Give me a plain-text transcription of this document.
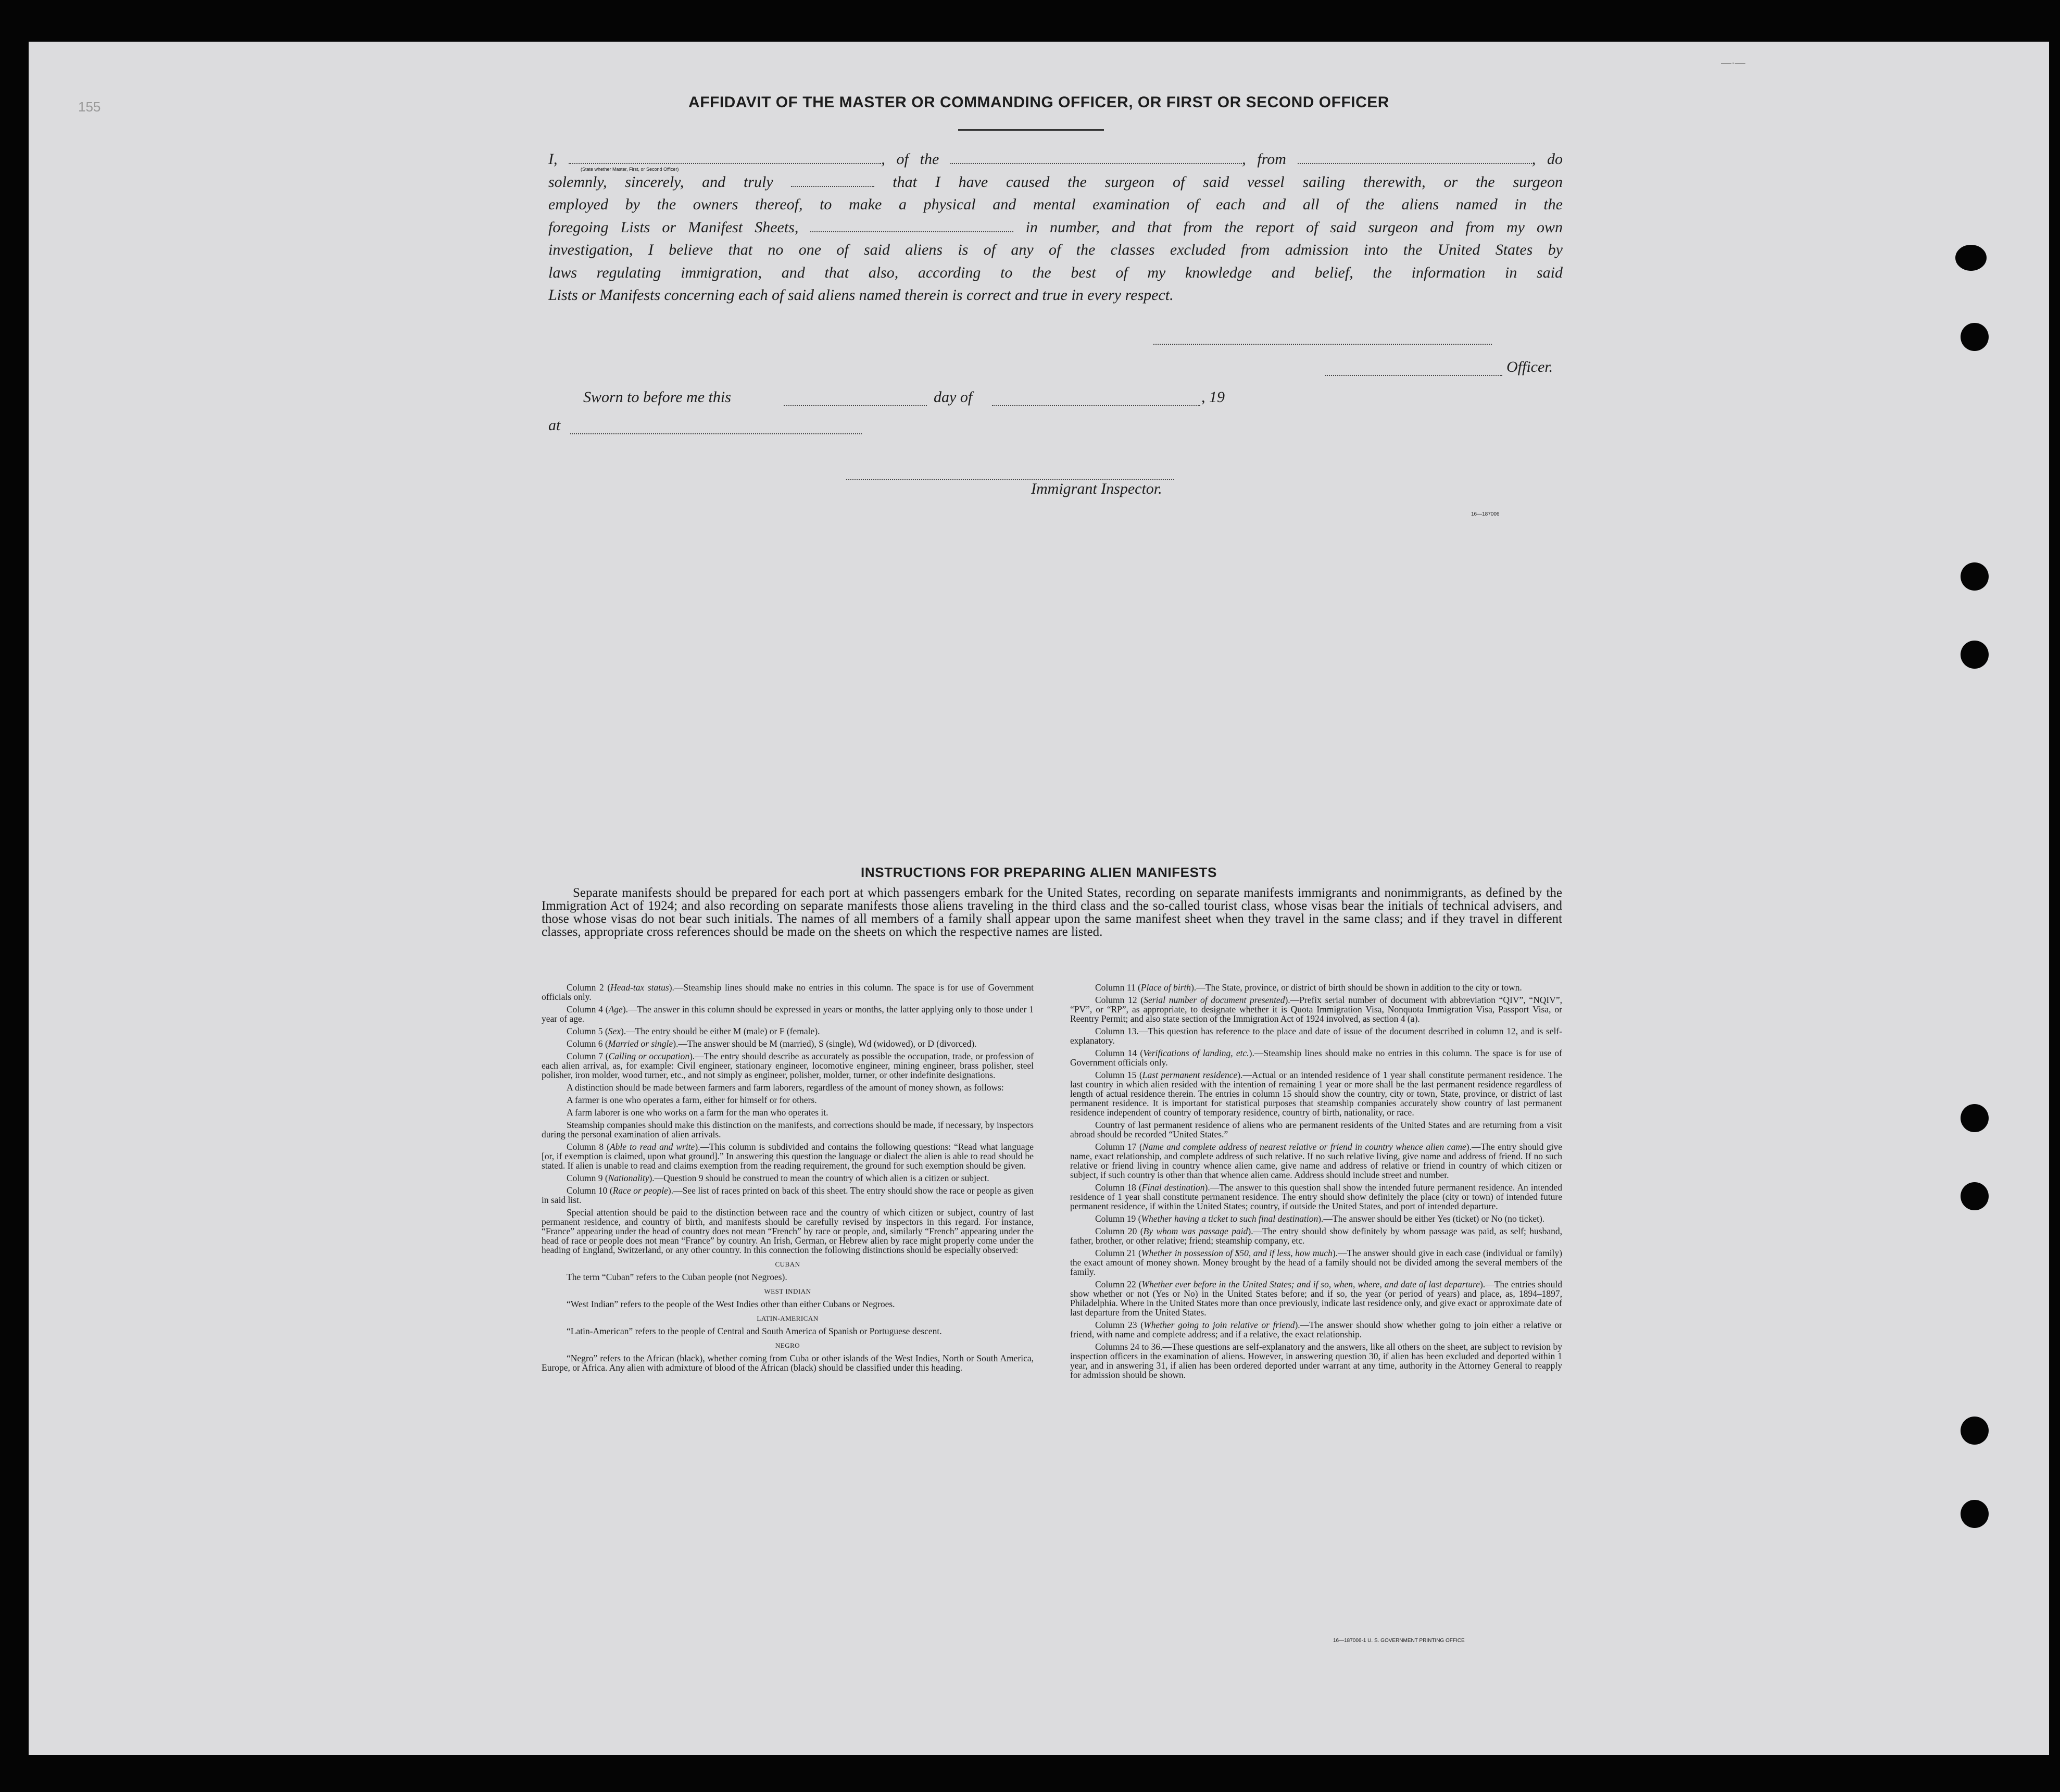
155
—·—
AFFIDAVIT OF THE MASTER OR COMMANDING OFFICER, OR FIRST OR SECOND OFFICER
I,	, of the	, from	, do
solemnly, sincerely, and truly	that I have caused the surgeon of said vessel sailing therewith, or the surgeon
employed by the owners thereof, to make a physical and mental examination of each and all of the aliens named in the
foregoing Lists or Manifest Sheets,	in number, and that from the report of said surgeon and from my own
investigation, I believe that no one of said aliens is of any of the classes excluded from admission into the United States by
laws regulating immigration, and that also, according to the best of my knowledge and belief, the information in said
Lists or Manifests concerning each of said aliens named therein is correct and true in every respect.
(State whether Master, First, or Second Officer)
Officer.
Sworn to before me this	day of	, 19
at
Immigrant Inspector.
16—187006
INSTRUCTIONS FOR PREPARING ALIEN MANIFESTS
Separate manifests should be prepared for each port at which passengers embark for the United States, recording on separate manifests immigrants and nonimmigrants, as defined by the Immigration Act of 1924; and also recording on separate manifests those aliens traveling in the third class and the so-called tourist class, whose visas bear the initials of technical advisers, and those whose visas do not bear such initials. The names of all members of a family shall appear upon the same manifest sheet when they travel in the same class; and if they travel in different classes, appropriate cross references should be made on the sheets on which the respective names are listed.

Column 2 (Head-tax status).—Steamship lines should make no entries in this column. The space is for use of Government officials only.

Column 4 (Age).—The answer in this column should be expressed in years or months, the latter applying only to those under 1 year of age.

Column 5 (Sex).—The entry should be either M (male) or F (female).

Column 6 (Married or single).—The answer should be M (married), S (single), Wd (widowed), or D (divorced).

Column 7 (Calling or occupation).—The entry should describe as accurately as possible the occupation, trade, or profession of each alien arrival, as, for example: Civil engineer, stationary engineer, locomotive engineer, mining engineer, brass polisher, steel polisher, iron molder, wood turner, etc., and not simply as engineer, polisher, molder, turner, or other indefinite designations.

A distinction should be made between farmers and farm laborers, regardless of the amount of money shown, as follows:

A farmer is one who operates a farm, either for himself or for others.

A farm laborer is one who works on a farm for the man who operates it.

Steamship companies should make this distinction on the manifests, and corrections should be made, if necessary, by inspectors during the personal examination of alien arrivals.

Column 8 (Able to read and write).—This column is subdivided and contains the following questions: “Read what language [or, if exemption is claimed, upon what ground].” In answering this question the language or dialect the alien is able to read should be stated. If alien is unable to read and claims exemption from the reading requirement, the ground for such exemption should be given.

Column 9 (Nationality).—Question 9 should be construed to mean the country of which alien is a citizen or subject.

Column 10 (Race or people).—See list of races printed on back of this sheet. The entry should show the race or people as given in said list.

Special attention should be paid to the distinction between race and the country of which citizen or subject, country of last permanent residence, and country of birth, and manifests should be carefully revised by inspectors in this regard. For instance, “France” appearing under the head of country does not mean “French” by race or people, and, similarly “French” appearing under the head of race or people does not mean “France” by country. An Irish, German, or Hebrew alien by race might properly come under the heading of England, Switzerland, or any other country. In this connection the following distinctions should be especially observed:

CUBAN

The term “Cuban” refers to the Cuban people (not Negroes).

WEST INDIAN

“West Indian” refers to the people of the West Indies other than either Cubans or Negroes.

LATIN-AMERICAN

“Latin-American” refers to the people of Central and South America of Spanish or Portuguese descent.

NEGRO

“Negro” refers to the African (black), whether coming from Cuba or other islands of the West Indies, North or South America, Europe, or Africa. Any alien with admixture of blood of the African (black) should be classified under this heading.

Column 11 (Place of birth).—The State, province, or district of birth should be shown in addition to the city or town.

Column 12 (Serial number of document presented).—Prefix serial number of document with abbreviation “QIV”, “NQIV”, “PV”, or “RP”, as appropriate, to designate whether it is Quota Immigration Visa, Nonquota Immigration Visa, Passport Visa, or Reentry Permit; and also state section of the Immigration Act of 1924 involved, as section 4 (a).

Column 13.—This question has reference to the place and date of issue of the document described in column 12, and is self-explanatory.

Column 14 (Verifications of landing, etc.).—Steamship lines should make no entries in this column. The space is for use of Government officials only.

Column 15 (Last permanent residence).—Actual or an intended residence of 1 year shall constitute permanent residence. The last country in which alien resided with the intention of remaining 1 year or more shall be the last permanent residence regardless of length of actual residence therein. The entries in column 15 should show the country, city or town, State, province, or district of last permanent residence. It is important for statistical purposes that steamship companies accurately show country of last permanent residence independent of country of temporary residence, country of birth, nationality, or race.

Country of last permanent residence of aliens who are permanent residents of the United States and are returning from a visit abroad should be recorded “United States.”

Column 17 (Name and complete address of nearest relative or friend in country whence alien came).—The entry should give name, exact relationship, and complete address of such relative. If no such relative living, give name and address of friend. If no such relative or friend living in country whence alien came, give name and address of relative or friend in country of which citizen or subject, if such country is other than that whence alien came. Address should include street and number.

Column 18 (Final destination).—The answer to this question shall show the intended future permanent residence. An intended residence of 1 year shall constitute permanent residence. The entry should show definitely the place (city or town) of intended future permanent residence, if within the United States; country, if outside the United States, and port of intended departure.

Column 19 (Whether having a ticket to such final destination).—The answer should be either Yes (ticket) or No (no ticket).

Column 20 (By whom was passage paid).—The entry should show definitely by whom passage was paid, as self; husband, father, brother, or other relative; friend; steamship company, etc.

Column 21 (Whether in possession of $50, and if less, how much).—The answer should give in each case (individual or family) the exact amount of money shown. Money brought by the head of a family should not be divided among the several members of the family.

Column 22 (Whether ever before in the United States; and if so, when, where, and date of last departure).—The entries should show whether or not (Yes or No) in the United States before; and if so, the year (or period of years) and place, as, 1894–1897, Philadelphia. Where in the United States more than once previously, indicate last residence only, and give exact or approximate date of last departure from the United States.

Column 23 (Whether going to join relative or friend).—The answer should show whether going to join either a relative or friend, with name and complete address; and if a relative, the exact relationship.

Columns 24 to 36.—These questions are self-explanatory and the answers, like all others on the sheet, are subject to revision by inspection officers in the examination of aliens. However, in answering question 30, if alien has been excluded and deported within 1 year, and in answering 31, if alien has been ordered deported under warrant at any time, authority in the Attorney General to reapply for admission should be shown.

16—187006-1 U. S. GOVERNMENT PRINTING OFFICE
